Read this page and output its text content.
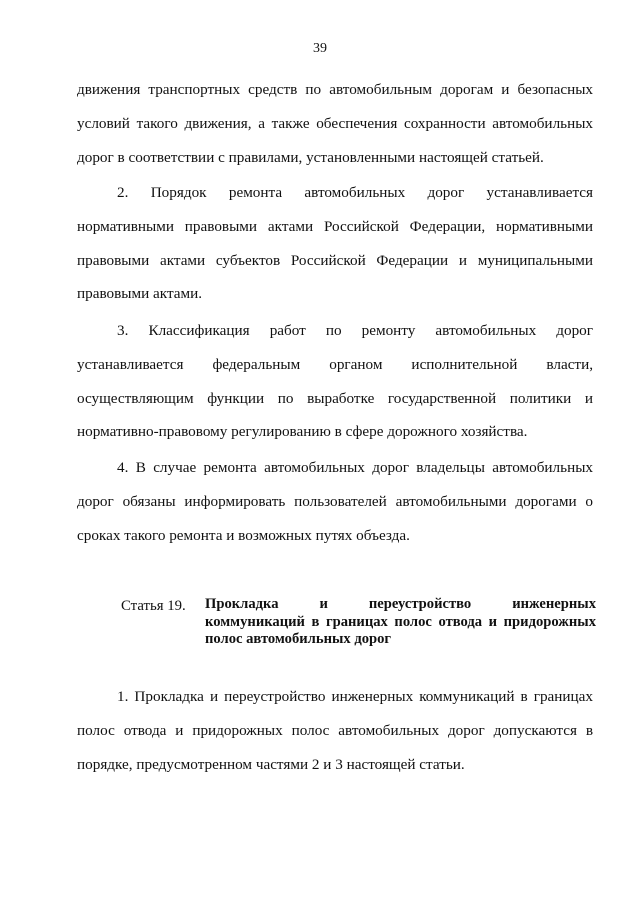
39
движения транспортных средств по автомобильным дорогам и безопасных условий такого движения, а также обеспечения сохранности автомобильных дорог в соответствии с правилами, установленными настоящей статьей.
2. Порядок ремонта автомобильных дорог устанавливается нормативными правовыми актами Российской Федерации, нормативными правовыми актами субъектов Российской Федерации и муниципальными правовыми актами.
3. Классификация работ по ремонту автомобильных дорог устанавливается федеральным органом исполнительной власти, осуществляющим функции по выработке государственной политики и нормативно-правовому регулированию в сфере дорожного хозяйства.
4. В случае ремонта автомобильных дорог владельцы автомобильных дорог обязаны информировать пользователей автомобильными дорогами о сроках такого ремонта и возможных путях объезда.
Статья 19. Прокладка и переустройство инженерных
коммуникаций в границах полос отвода и придорожных полос автомобильных дорог
1. Прокладка и переустройство инженерных коммуникаций в границах полос отвода и придорожных полос автомобильных дорог допускаются в порядке, предусмотренном частями 2 и 3 настоящей статьи.
